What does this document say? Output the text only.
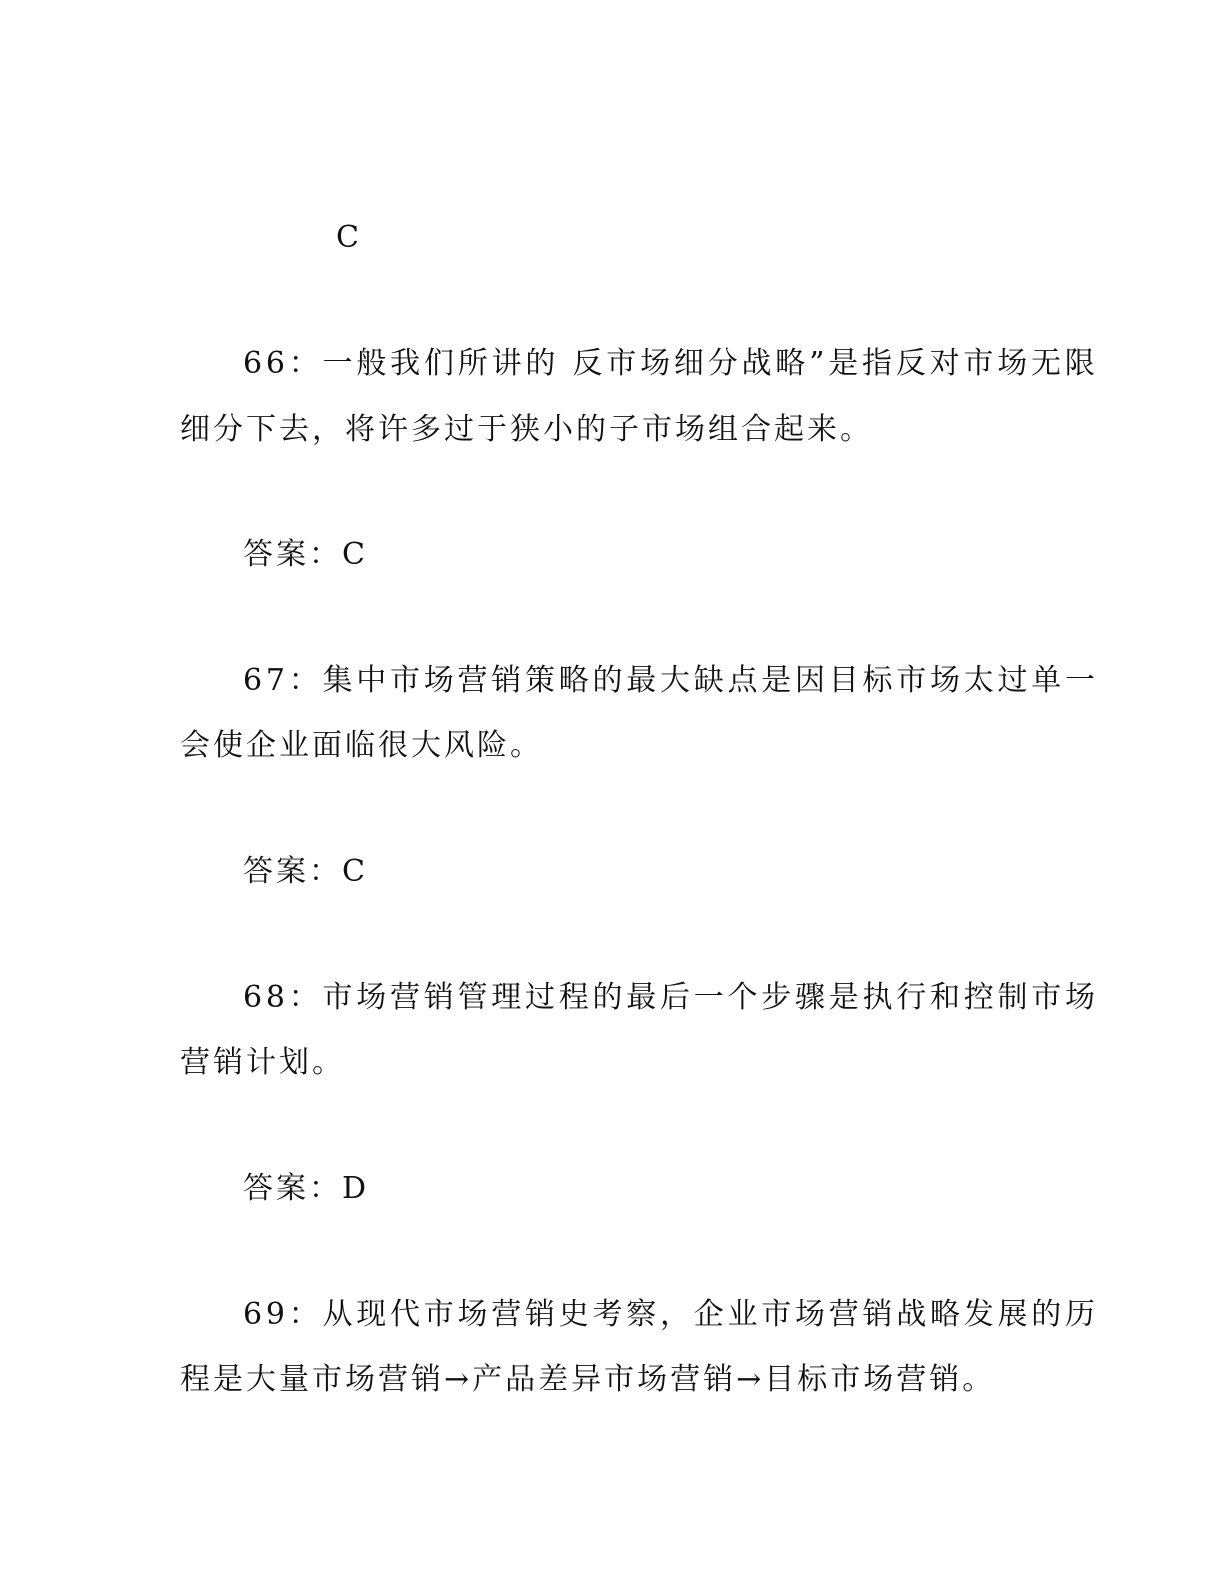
C

6 6 ： 一 般 我 们 所 讲 的
反 市 场 细 分 战 略 ” 是 指 反 对 市 场 无 限

细分下去，将许多过于狭小的子市场组合起来。

答案：C

6 7 ： 集 中 市 场 营 销 策 略 的 最 大 缺 点 是 因 目 标 市 场 太 过 单 一

会使企业面临很大风险。

答案：C

6 8 ： 市 场 营 销 管 理 过 程 的 最 后 一 个 步 骤 是 执 行 和 控 制 市 场

营销计划。

答案：D

6 9 ： 从 现 代 市 场 营 销 史 考 察 ， 企 业 市 场 营 销 战 略 发 展 的 历

程是大量市场营销→产品差异市场营销→目标市场营销。
